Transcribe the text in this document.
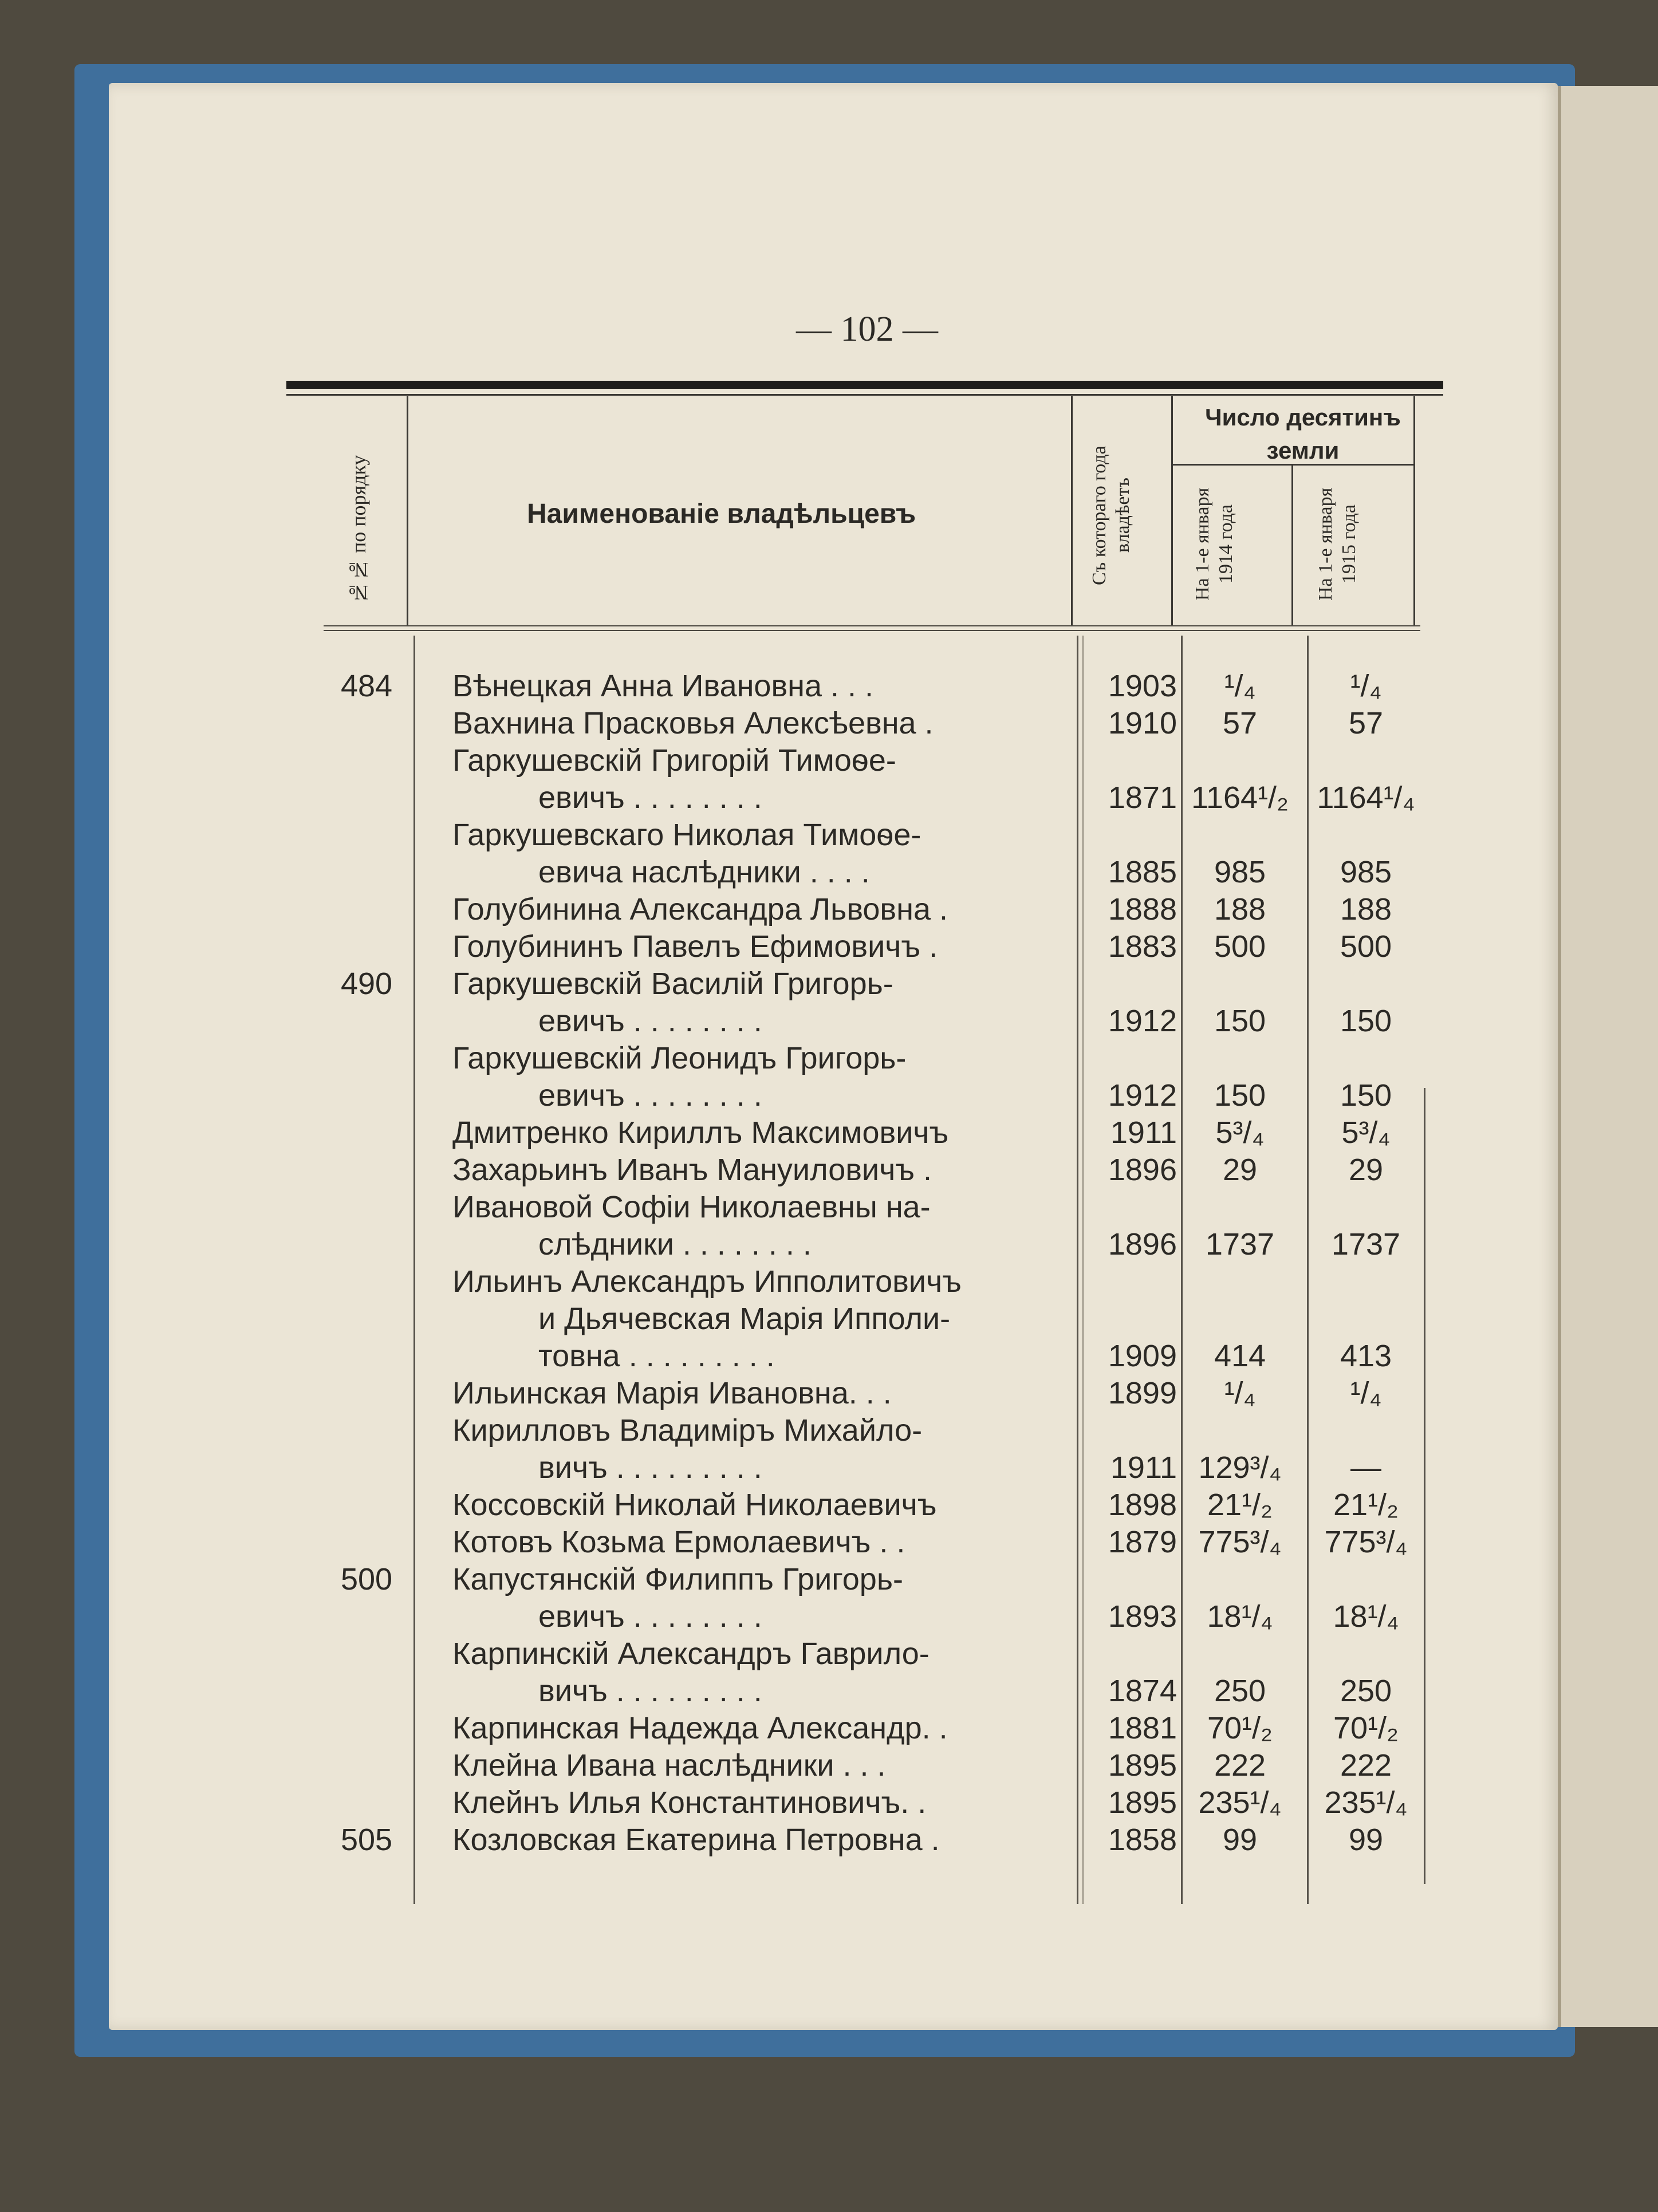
— 102 —
№№ по порядку	Наименованіе владѣльцевъ	Съ котораго года владѣетъ
Число десятинъ земли
На 1-е января 1914 года	На 1-е января 1915 года
484	Вѣнецкая Анна Ивановна . . .	1903	¹/₄	¹/₄
Вахнина Прасковья Алексѣевна .	1910	57	57
Гаркушевскій Григорій Тимоѳе-
евичъ . . . . . . . .	1871 1164¹/₂ 1164¹/₄
Гаркушевскаго Николая Тимоѳе-
евича наслѣдники . . . .	1885	985	985
Голубинина Александра Львовна .	1888	188	188
Голубининъ Павелъ Ефимовичъ .	1883	500	500
490	Гаркушевскій Василій Григорь-
евичъ . . . . . . . .	1912	150	150
Гаркушевскій Леонидъ Григорь-
евичъ . . . . . . . .	1912	150	150
Дмитренко Кириллъ Максимовичъ	1911	5³/₄	5³/₄
Захарьинъ Иванъ Мануиловичъ .	1896	29	29
Ивановой Софіи Николаевны на-
слѣдники . . . . . . . .	1896 1737	1737
Ильинъ Александръ Ипполитовичъ
и Дьячевская Марія Ипполи-
товна . . . . . . . . .	1909	414	413
Ильинская Марія Ивановна. . .	1899	¹/₄	¹/₄
Кирилловъ Владиміръ Михайло-
вичъ . . . . . . . . .	1911 129³/₄	—
Коссовскій Николай Николаевичъ	1898 21¹/₂	21¹/₂
Котовъ Козьма Ермолаевичъ . .	1879 775³/₄	775³/₄
500	Капустянскій Филиппъ Григорь-
евичъ . . . . . . . .	1893 18¹/₄	18¹/₄
Карпинскій Александръ Гаврило-
вичъ . . . . . . . . .	1874	250	250
Карпинская Надежда Александр. .	1881 70¹/₂	70¹/₂
Клейна Ивана наслѣдники . . .	1895	222	222
Клейнъ Илья Константиновичъ. .	1895 235¹/₄	235¹/₄
505	Козловская Екатерина Петровна .	1858	99	99
